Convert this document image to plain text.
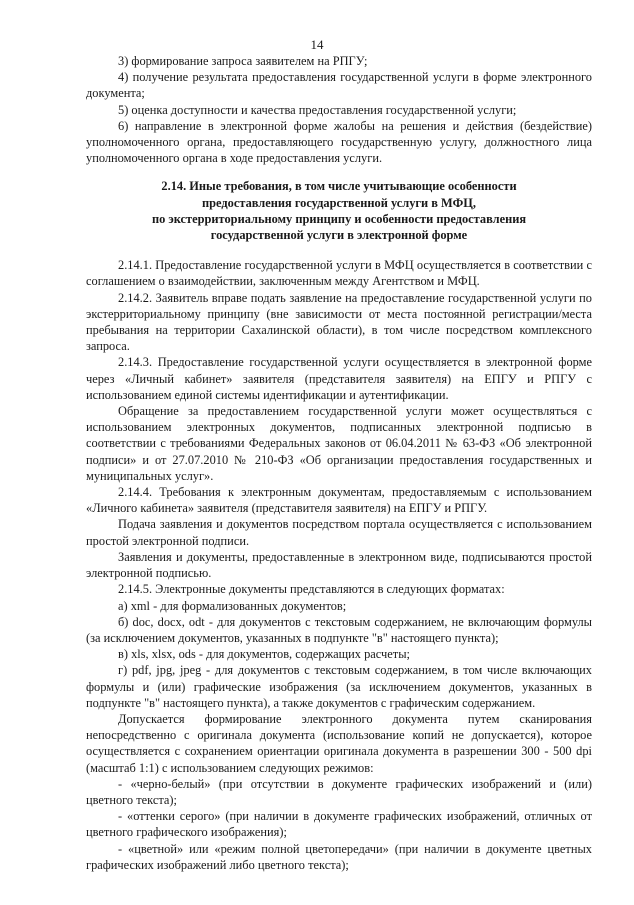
14

3) формирование запроса заявителем на РПГУ;

4) получение результата предоставления государственной услуги в форме электронного документа;

5) оценка доступности и качества предоставления государственной услуги;

6) направление в электронной форме жалобы на решения и действия (бездействие) уполномоченного органа, предоставляющего государственную услугу, должностного лица уполномоченного органа в ходе предоставления услуги.

2.14. Иные требования, в том числе учитывающие особенности
предоставления государственной услуги в МФЦ,
по экстерриториальному принципу и особенности предоставления
государственной услуги в электронной форме

2.14.1. Предоставление государственной услуги в МФЦ осуществляется в соответствии с соглашением о взаимодействии, заключенным между Агентством и МФЦ.

2.14.2. Заявитель вправе подать заявление на предоставление государственной услуги по экстерриториальному принципу (вне зависимости от места постоянной регистрации/места пребывания на территории Сахалинской области), в том числе посредством комплексного запроса.

2.14.3. Предоставление государственной услуги осуществляется в электронной форме через «Личный кабинет» заявителя (представителя заявителя) на ЕПГУ и РПГУ с использованием единой системы идентификации и аутентификации.

Обращение за предоставлением государственной услуги может осуществляться с использованием электронных документов, подписанных электронной подписью в соответствии с требованиями Федеральных законов от 06.04.2011 № 63-ФЗ «Об электронной подписи» и от 27.07.2010 № 210-ФЗ «Об организации предоставления государственных и муниципальных услуг».

2.14.4. Требования к электронным документам, предоставляемым с использованием «Личного кабинета» заявителя (представителя заявителя) на ЕПГУ и РПГУ.

Подача заявления и документов посредством портала осуществляется с использованием простой электронной подписи.

Заявления и документы, предоставленные в электронном виде, подписываются простой электронной подписью.

2.14.5. Электронные документы представляются в следующих форматах:

а) xml - для формализованных документов;

б) doc, docx, odt - для документов с текстовым содержанием, не включающим формулы (за исключением документов, указанных в подпункте "в" настоящего пункта);

в) xls, xlsx, ods - для документов, содержащих расчеты;

г) pdf, jpg, jpeg - для документов с текстовым содержанием, в том числе включающих формулы и (или) графические изображения (за исключением документов, указанных в подпункте "в" настоящего пункта), а также документов с графическим содержанием.

Допускается формирование электронного документа путем сканирования непосредственно с оригинала документа (использование копий не допускается), которое осуществляется с сохранением ориентации оригинала документа в разрешении 300 - 500 dpi (масштаб 1:1) с использованием следующих режимов:

- «черно-белый» (при отсутствии в документе графических изображений и (или) цветного текста);

- «оттенки серого» (при наличии в документе графических изображений, отличных от цветного графического изображения);

- «цветной» или «режим полной цветопередачи» (при наличии в документе цветных графических изображений либо цветного текста);
